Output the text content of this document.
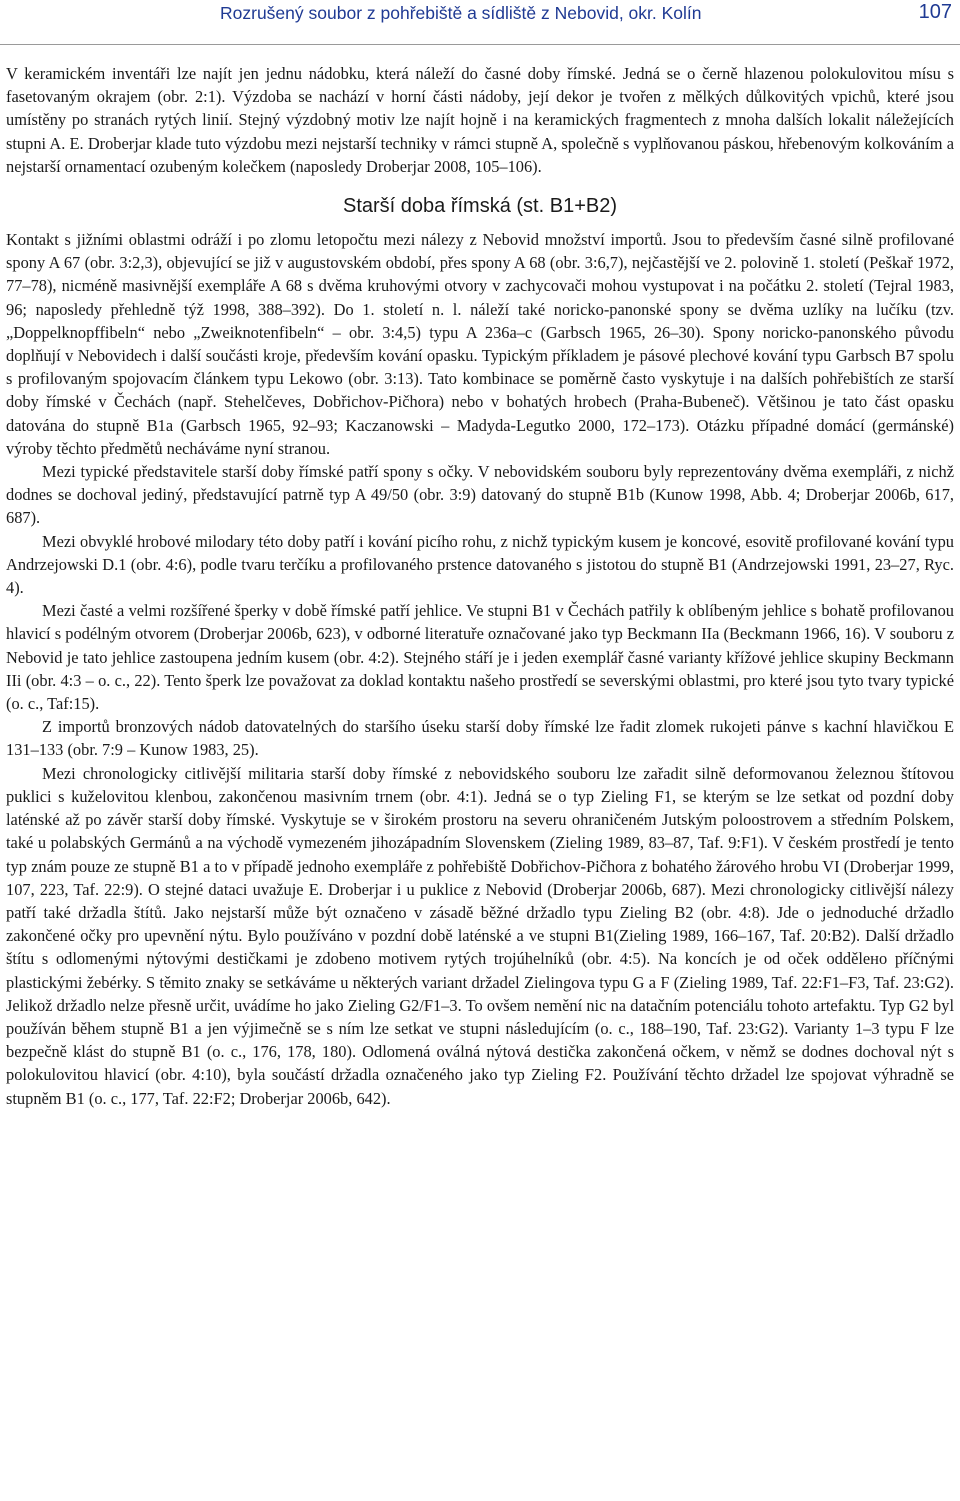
Rozrušený soubor z pohřebiště a sídliště z Nebovid, okr. Kolín	107

V keramickém inventáři lze najít jen jednu nádobku, která náleží do časné doby římské. Jedná se o černě hlazenou polokulovitou mísu s fasetovaným okrajem (obr. 2:1). Výzdoba se nachází v horní části nádoby, její dekor je tvořen z mělkých důlkovitých vpichů, které jsou umístěny po stranách rytých linií. Stejný výzdobný motiv lze najít hojně i na keramických fragmentech z mnoha dalších lokalit náležejících stupni A. E. Droberjar klade tuto výzdobu mezi nejstarší techniky v rámci stupně A, společně s vyplňovanou páskou, hřebenovým kolkováním a nejstarší ornamentací ozubeným kolečkem (naposledy Droberjar 2008, 105–106).

Starší doba římská (st. B1+B2)

Kontakt s jižními oblastmi odráží i po zlomu letopočtu mezi nálezy z Nebovid množství importů. Jsou to především časné silně profilované spony A 67 (obr. 3:2,3), objevující se již v augustovském období, přes spony A 68 (obr. 3:6,7), nejčastější ve 2. polovině 1. století (Peškař 1972, 77–78), nicméně masivnější exempláře A 68 s dvěma kruhovými otvory v zachycovači mohou vystupovat i na počátku 2. století (Tejral 1983, 96; naposledy přehledně týž 1998, 388–392). Do 1. století n. l. náleží také noricko-panonské spony se dvěma uzlíky na lučíku (tzv. „Doppelknopffibeln“ nebo „Zweiknotenfibeln“ – obr. 3:4,5) typu A 236a–c (Garbsch 1965, 26–30). Spony noricko-panonského původu doplňují v Nebovidech i další součásti kroje, především kování opasku. Typickým příkladem je pásové plechové kování typu Garbsch B7 spolu s profilovaným spojovacím článkem typu Lekowo (obr. 3:13). Tato kombinace se poměrně často vyskytuje i na dalších pohřebištích ze starší doby římské v Čechách (např. Stehelčeves, Dobřichov-Pičhora) nebo v bohatých hrobech (Praha-Bubeneč). Většinou je tato část opasku datována do stupně B1a (Garbsch 1965, 92–93; Kaczanowski – Madyda-Legutko 2000, 172–173). Otázku případné domácí (germánské) výroby těchto předmětů necháváme nyní stranou.

Mezi typické představitele starší doby římské patří spony s očky. V nebovidském souboru byly reprezentovány dvěma exempláři, z nichž dodnes se dochoval jediný, představující patrně typ A 49/50 (obr. 3:9) datovaný do stupně B1b (Kunow 1998, Abb. 4; Droberjar 2006b, 617, 687).

Mezi obvyklé hrobové milodary této doby patří i kování picího rohu, z nichž typickým kusem je koncové, esovitě profilované kování typu Andrzejowski D.1 (obr. 4:6), podle tvaru terčíku a profilovaného prstence datovaného s jistotou do stupně B1 (Andrzejowski 1991, 23–27, Ryc. 4).

Mezi časté a velmi rozšířené šperky v době římské patří jehlice. Ve stupni B1 v Čechách patřily k oblíbeným jehlice s bohatě profilovanou hlavicí s podélným otvorem (Droberjar 2006b, 623), v odborné literatuře označované jako typ Beckmann IIa (Beckmann 1966, 16). V souboru z Nebovid je tato jehlice zastoupena jedním kusem (obr. 4:2). Stejného stáří je i jeden exemplář časné varianty křížové jehlice skupiny Beckmann IIi (obr. 4:3 – o. c., 22). Tento šperk lze považovat za doklad kontaktu našeho prostředí se severskými oblastmi, pro které jsou tyto tvary typické (o. c., Taf:15).

Z importů bronzových nádob datovatelných do staršího úseku starší doby římské lze řadit zlomek rukojeti pánve s kachní hlavičkou E 131–133 (obr. 7:9 – Kunow 1983, 25).

Mezi chronologicky citlivější militaria starší doby římské z nebovidského souboru lze zařadit silně deformovanou železnou štítovou puklici s kuželovitou klenbou, zakončenou masivním trnem (obr. 4:1). Jedná se o typ Zieling F1, se kterým se lze setkat od pozdní doby laténské až po závěr starší doby římské. Vyskytuje se v širokém prostoru na severu ohraničeném Jutským poloostrovem a středním Polskem, také u polabských Germánů a na východě vymezeném jihozápadním Slovenskem (Zieling 1989, 83–87, Taf. 9:F1). V českém prostředí je tento typ znám pouze ze stupně B1 a to v případě jednoho exempláře z pohřebiště Dobřichov-Pičhora z bohatého žárového hrobu VI (Droberjar 1999, 107, 223, Taf. 22:9). O stejné dataci uvažuje E. Droberjar i u puklice z Nebovid (Droberjar 2006b, 687). Mezi chronologicky citlivější nálezy patří také držadla štítů. Jako nejstarší může být označeno v zásadě běžné držadlo typu Zieling B2 (obr. 4:8). Jde o jednoduché držadlo zakončené očky pro upevnění nýtu. Bylo používáno v pozdní době laténské a ve stupni B1(Zieling 1989, 166–167, Taf. 20:B2). Další držadlo štítu s odlomenými nýtovými destičkami je zdobeno motivem rytých trojúhelníků (obr. 4:5). Na koncích je od oček oddělено příčnými plastickými žebérky. S těmito znaky se setkáváme u některých variant držadel Zielingova typu G a F (Zieling 1989, Taf. 22:F1–F3, Taf. 23:G2). Jelikož držadlo nelze přesně určit, uvádíme ho jako Zieling G2/F1–3. To ovšem nemění nic na datačním potenciálu tohoto artefaktu. Typ G2 byl používán během stupně B1 a jen výjimečně se s ním lze setkat ve stupni následujícím (o. c., 188–190, Taf. 23:G2). Varianty 1–3 typu F lze bezpečně klást do stupně B1 (o. c., 176, 178, 180). Odlomená oválná nýtová destička zakončená očkem, v němž se dodnes dochoval nýt s polokulovitou hlavicí (obr. 4:10), byla součástí držadla označeného jako typ Zieling F2. Používání těchto držadel lze spojovat výhradně se stupněm B1 (o. c., 177, Taf. 22:F2; Droberjar 2006b, 642).
